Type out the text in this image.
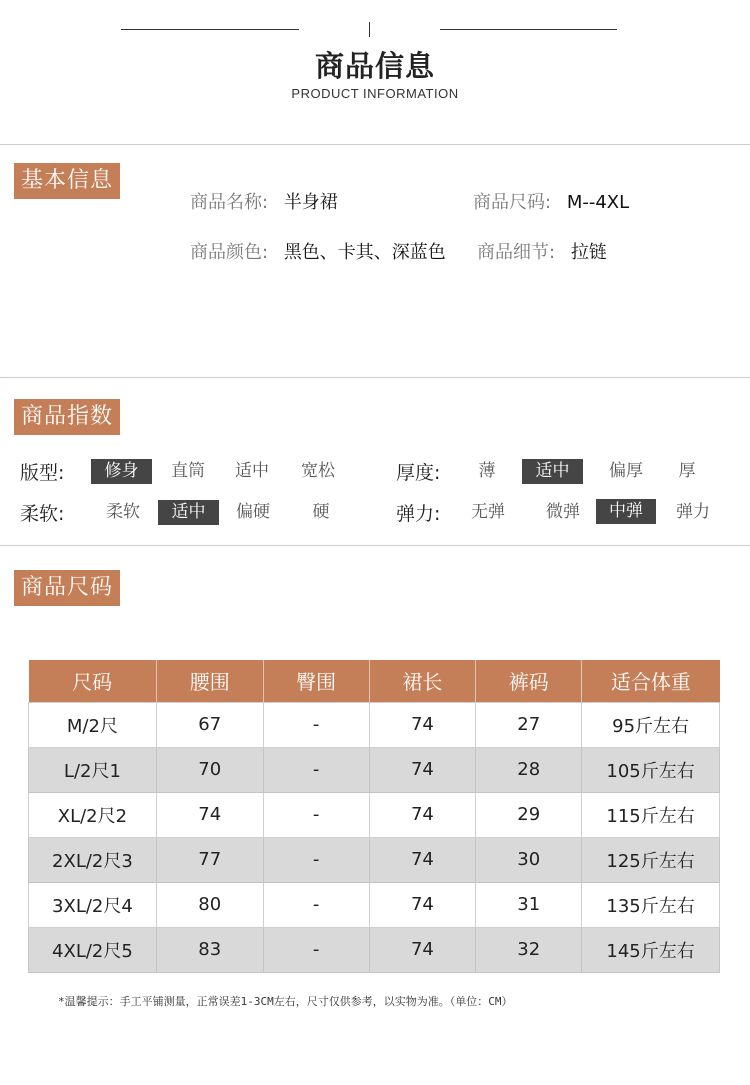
商品信息
PRODUCT INFORMATION
基本信息
商品名称: 半身裙	商品尺码: M--4XL
商品颜色: 黑色、卡其、深蓝色 商品细节: 拉链
商品指数
版型:	修身	直筒	适中	宽松	厚度:	薄	适中	偏厚	厚
柔软:	柔软	适中	偏硬	硬	弹力:	无弹	微弹	中弹	弹力
商品尺码
尺码	腰围	臀围	裙长	裤码	适合体重
M/2尺	67	-	74	27	95斤左右
L/2尺1	70	-	74	28	105斤左右
XL/2尺2	74	-	74	29	115斤左右
2XL/2尺3	77	-	74	30	125斤左右
3XL/2尺4	80	-	74	31	135斤左右
4XL/2尺5	83	-	74	32	145斤左右
*温馨提示：手工平铺测量，正常误差1-3CM左右，尺寸仅供参考，以实物为准。（单位：CM）
